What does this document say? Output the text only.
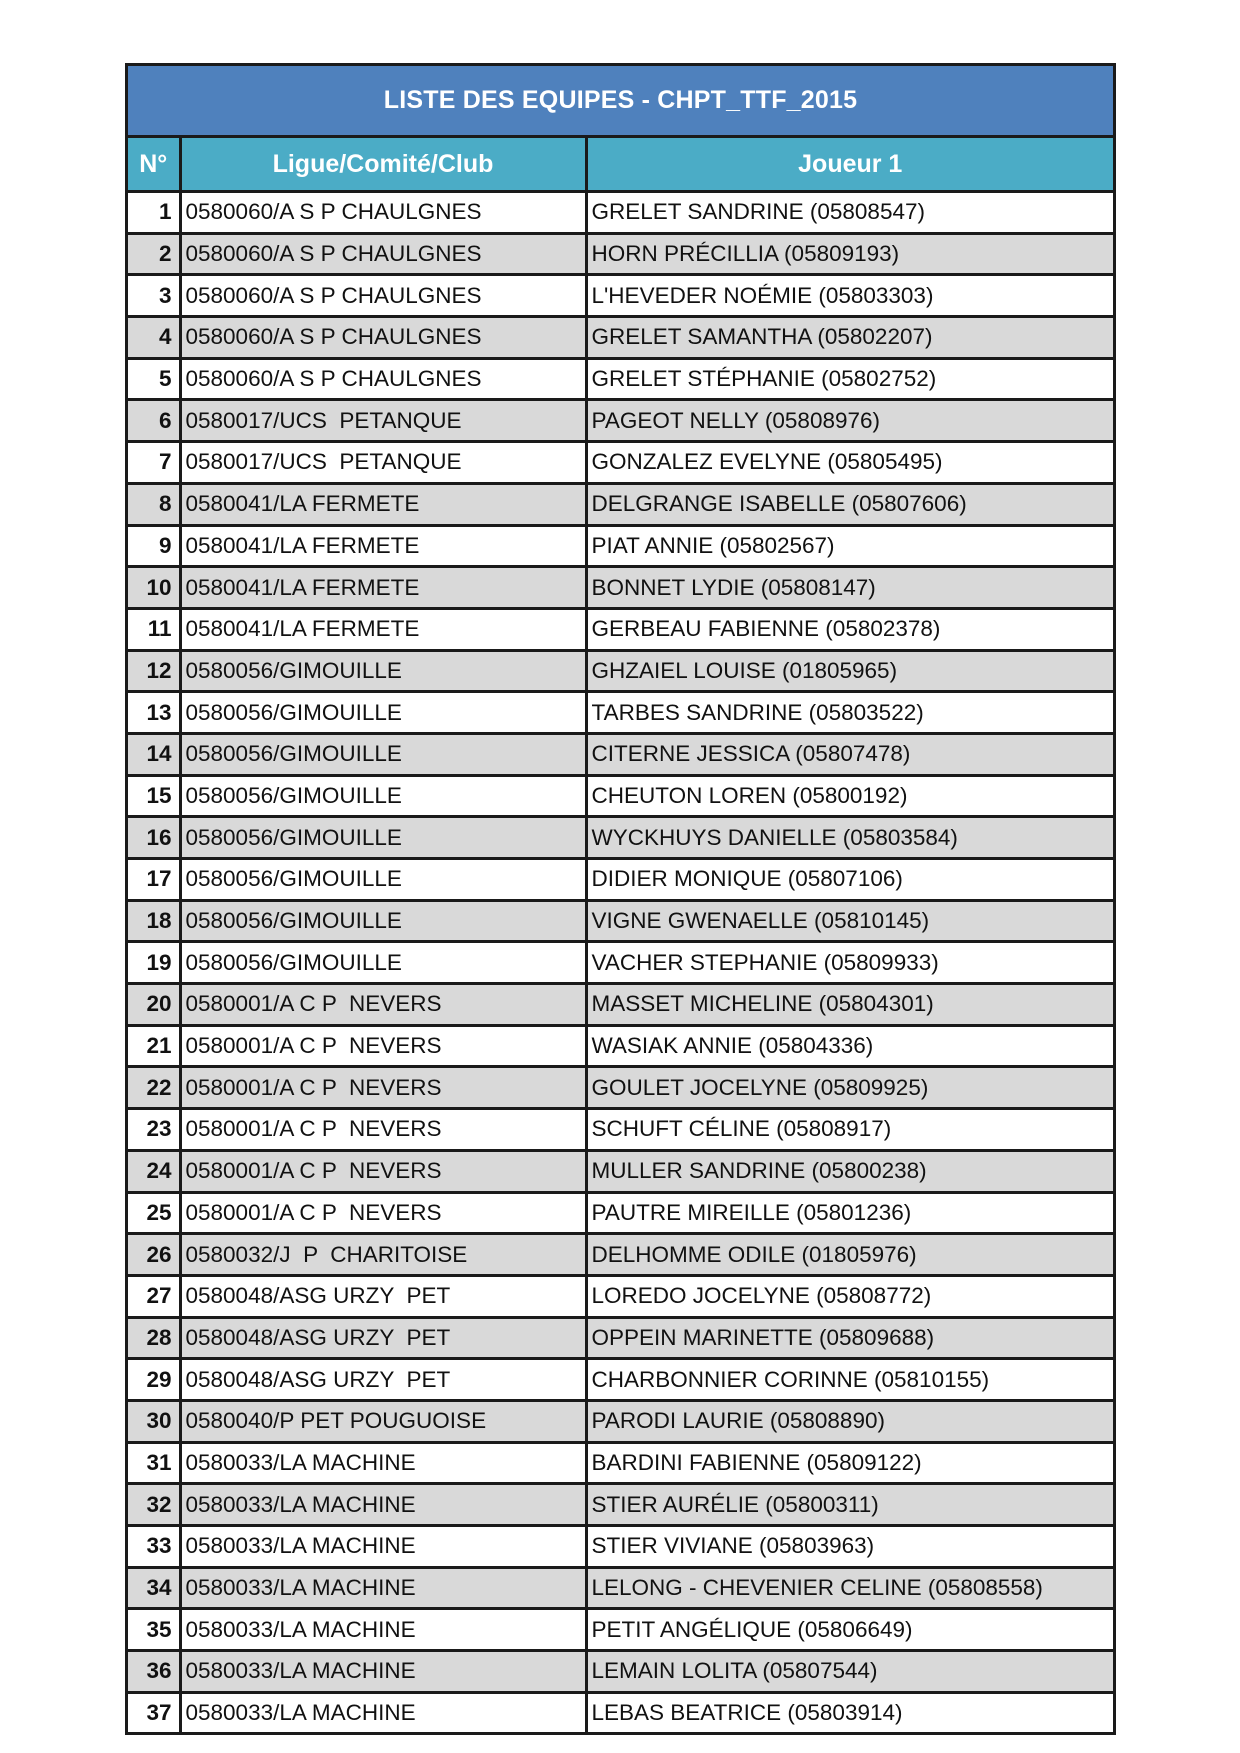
LISTE DES EQUIPES - CHPT_TTF_2015
N°	Ligue/Comité/Club	Joueur 1
1	0580060/A S P CHAULGNES	GRELET SANDRINE (05808547)
2	0580060/A S P CHAULGNES	HORN PRÉCILLIA (05809193)
3	0580060/A S P CHAULGNES	L'HEVEDER NOÉMIE (05803303)
4	0580060/A S P CHAULGNES	GRELET SAMANTHA (05802207)
5	0580060/A S P CHAULGNES	GRELET STÉPHANIE (05802752)
6	0580017/UCS  PETANQUE	PAGEOT NELLY (05808976)
7	0580017/UCS  PETANQUE	GONZALEZ EVELYNE (05805495)
8	0580041/LA FERMETE	DELGRANGE ISABELLE (05807606)
9	0580041/LA FERMETE	PIAT ANNIE (05802567)
10	0580041/LA FERMETE	BONNET LYDIE (05808147)
11	0580041/LA FERMETE	GERBEAU FABIENNE (05802378)
12	0580056/GIMOUILLE	GHZAIEL LOUISE (01805965)
13	0580056/GIMOUILLE	TARBES SANDRINE (05803522)
14	0580056/GIMOUILLE	CITERNE JESSICA (05807478)
15	0580056/GIMOUILLE	CHEUTON LOREN (05800192)
16	0580056/GIMOUILLE	WYCKHUYS DANIELLE (05803584)
17	0580056/GIMOUILLE	DIDIER MONIQUE (05807106)
18	0580056/GIMOUILLE	VIGNE GWENAELLE (05810145)
19	0580056/GIMOUILLE	VACHER STEPHANIE (05809933)
20	0580001/A C P  NEVERS	MASSET MICHELINE (05804301)
21	0580001/A C P  NEVERS	WASIAK ANNIE (05804336)
22	0580001/A C P  NEVERS	GOULET JOCELYNE (05809925)
23	0580001/A C P  NEVERS	SCHUFT CÉLINE (05808917)
24	0580001/A C P  NEVERS	MULLER SANDRINE (05800238)
25	0580001/A C P  NEVERS	PAUTRE MIREILLE (05801236)
26	0580032/J  P  CHARITOISE	DELHOMME ODILE (01805976)
27	0580048/ASG URZY  PET	LOREDO JOCELYNE (05808772)
28	0580048/ASG URZY  PET	OPPEIN MARINETTE (05809688)
29	0580048/ASG URZY  PET	CHARBONNIER CORINNE (05810155)
30	0580040/P PET POUGUOISE	PARODI LAURIE (05808890)
31	0580033/LA MACHINE	BARDINI FABIENNE (05809122)
32	0580033/LA MACHINE	STIER AURÉLIE (05800311)
33	0580033/LA MACHINE	STIER VIVIANE (05803963)
34	0580033/LA MACHINE	LELONG - CHEVENIER CELINE (05808558)
35	0580033/LA MACHINE	PETIT ANGÉLIQUE (05806649)
36	0580033/LA MACHINE	LEMAIN LOLITA (05807544)
37	0580033/LA MACHINE	LEBAS BEATRICE (05803914)
